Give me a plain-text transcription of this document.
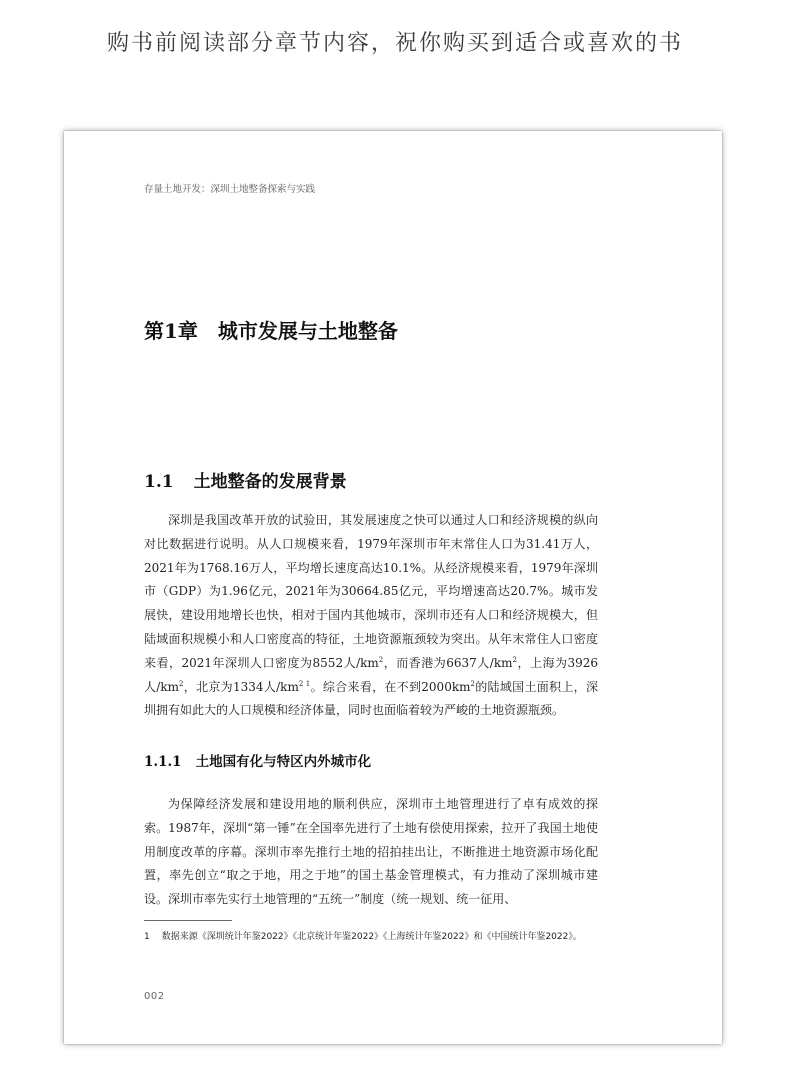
购书前阅读部分章节内容，祝你购买到适合或喜欢的书
存量土地开发：深圳土地整备探索与实践
第1章 城市发展与土地整备
1.1 土地整备的发展背景

深圳是我国改革开放的试验田，其发展速度之快可以通过人口和经济规模的纵向对比数据进行说明。从人口规模来看，1979年深圳市年末常住人口为31.41万人，2021年为1768.16万人，平均增长速度高达10.1%。从经济规模来看，1979年深圳市（GDP）为1.96亿元，2021年为30664.85亿元，平均增速高达20.7%。城市发展快，建设用地增长也快，相对于国内其他城市，深圳市还有人口和经济规模大，但陆域面积规模小和人口密度高的特征，土地资源瓶颈较为突出。从年末常住人口密度来看，2021年深圳人口密度为8552人$/km^2$，而香港为6637人$/km^2$，上海为3926人$/km^2$，北京为1334人$/km^{2 1}$。综合来看，在不到$2000km^2$的陆域国土面积上，深圳拥有如此大的人口规模和经济体量，同时也面临着较为严峻的土地资源瓶颈。

1.1.1 土地国有化与特区内外城市化

为保障经济发展和建设用地的顺利供应，深圳市土地管理进行了卓有成效的探索。1987年，深圳“第一锤”在全国率先进行了土地有偿使用探索，拉开了我国土地使用制度改革的序幕。深圳市率先推行土地的招拍挂出让，不断推进土地资源市场化配置，率先创立“取之于地，用之于地”的国土基金管理模式，有力推动了深圳城市建设。深圳市率先实行土地管理的“五统一”制度（统一规划、统一征用、

1 数据来源《深圳统计年鉴2022》《北京统计年鉴2022》《上海统计年鉴2022》和《中国统计年鉴2022》。
002
